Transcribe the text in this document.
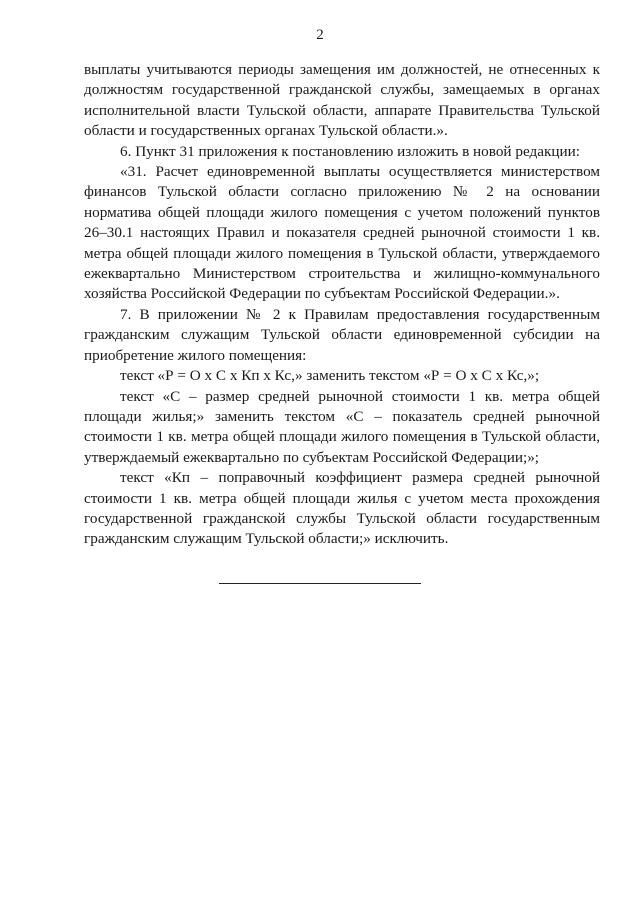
2

выплаты учитываются периоды замещения им должностей, не отнесенных к должностям государственной гражданской службы, замещаемых в органах исполнительной власти Тульской области, аппарате Правительства Тульской области и государственных органах Тульской области.».

6. Пункт 31 приложения к постановлению изложить в новой редакции:

«31. Расчет единовременной выплаты осуществляется министерством финансов Тульской области согласно приложению № 2 на основании норматива общей площади жилого помещения с учетом положений пунктов 26–30.1 настоящих Правил и показателя средней рыночной стоимости 1 кв. метра общей площади жилого помещения в Тульской области, утверждаемого ежеквартально Министерством строительства и жилищно-коммунального хозяйства Российской Федерации по субъектам Российской Федерации.».

7. В приложении № 2 к Правилам предоставления государственным гражданским служащим Тульской области единовременной субсидии на приобретение жилого помещения:

текст «Р = О x С x Кп x Кс,» заменить текстом «Р = О x С x Кс,»;

текст «С – размер средней рыночной стоимости 1 кв. метра общей площади жилья;» заменить текстом «С – показатель средней рыночной стоимости 1 кв. метра общей площади жилого помещения в Тульской области, утверждаемый ежеквартально по субъектам Российской Федерации;»;

текст «Кп – поправочный коэффициент размера средней рыночной стоимости 1 кв. метра общей площади жилья с учетом места прохождения государственной гражданской службы Тульской области государственным гражданским служащим Тульской области;» исключить.
